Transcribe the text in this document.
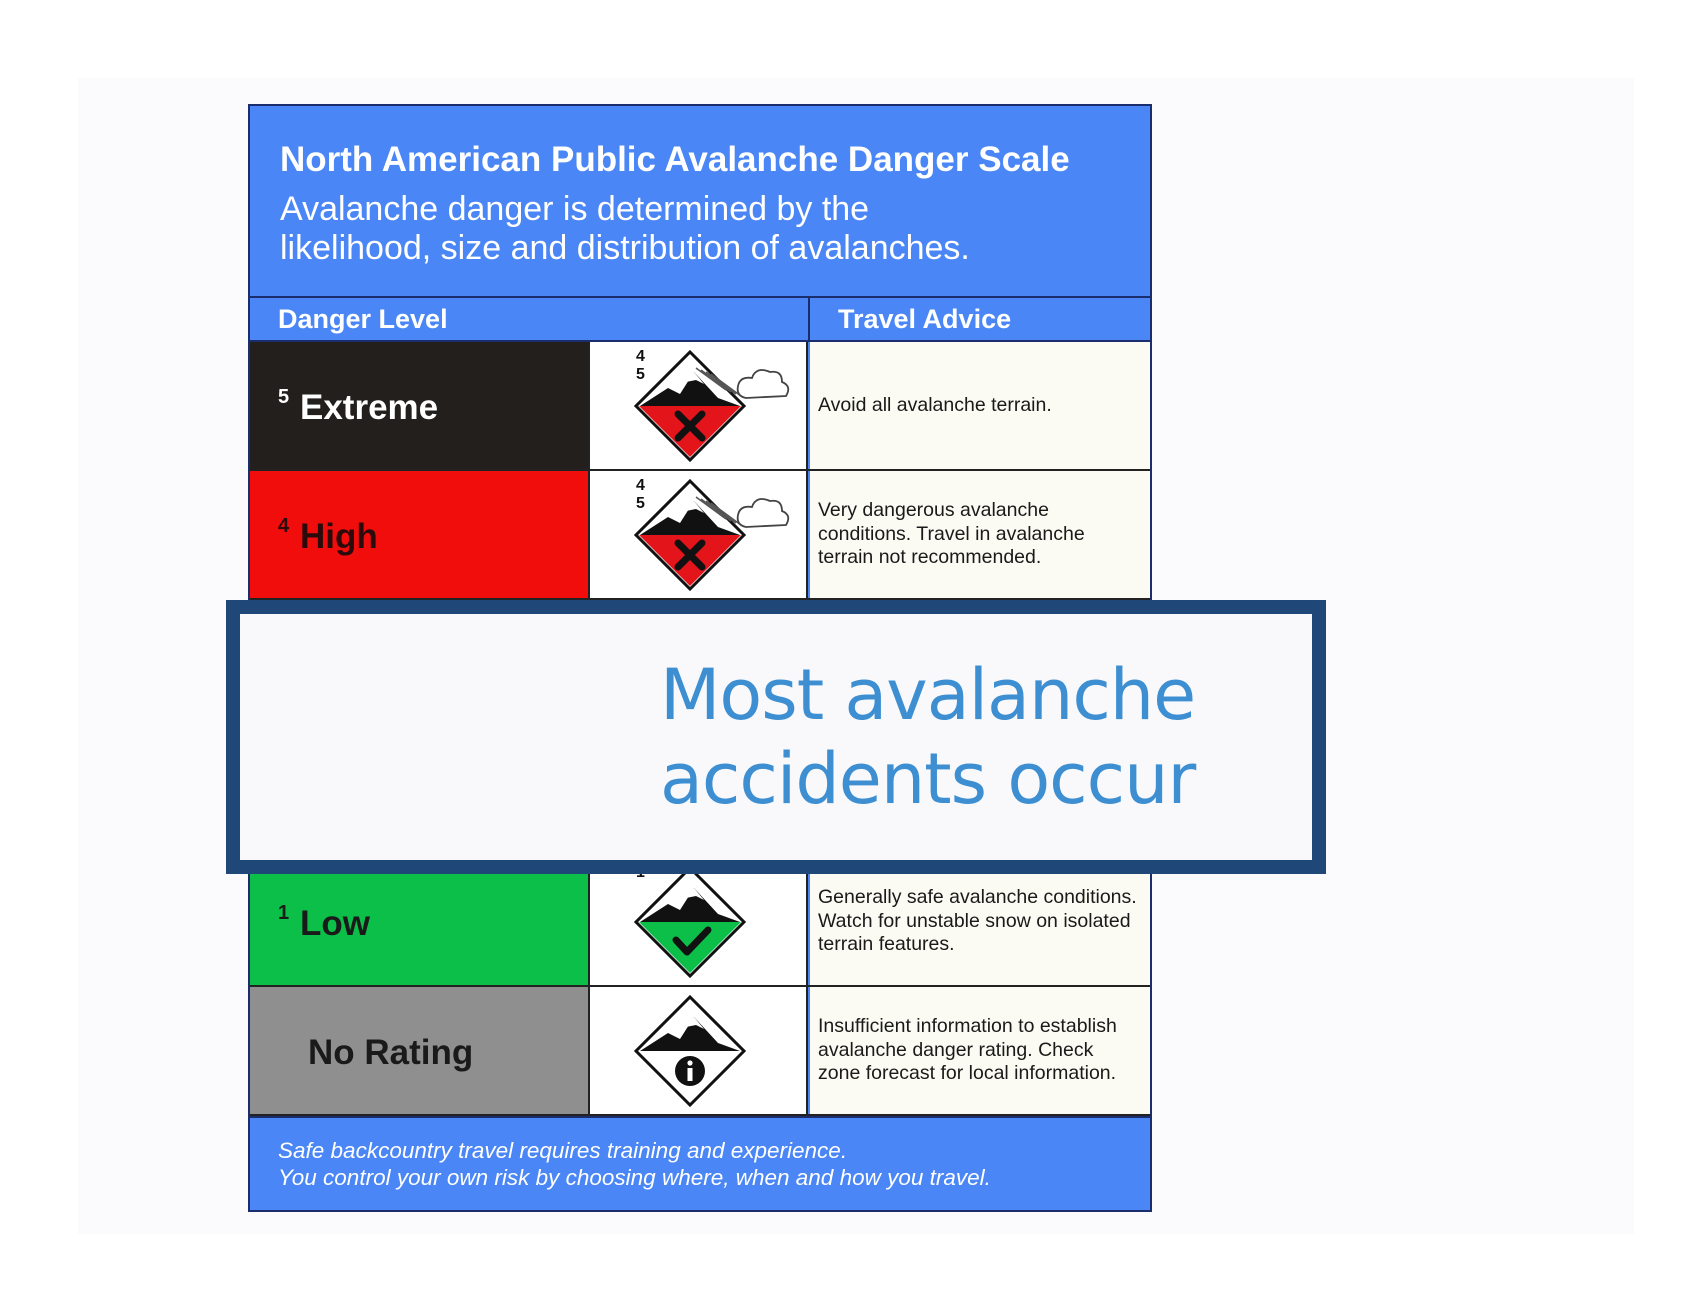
North American Public Avalanche Danger Scale
Avalanche danger is determined by the
likelihood, size and distribution of avalanches.
Danger Level	Travel Advice
5 Extreme
4
5
Avoid all avalanche terrain.
4 High
4
5	Very dangerous avalanche conditions. Travel in avalanche terrain not recommended.
1 Low
Generally safe avalanche conditions. Watch for unstable snow on isolated terrain features.
No Rating
Insufficient information to establish avalanche danger rating. Check zone forecast for local information.
Safe backcountry travel requires training and experience.
You control your own risk by choosing where, when and how you travel.
Most avalanche
accidents occur
